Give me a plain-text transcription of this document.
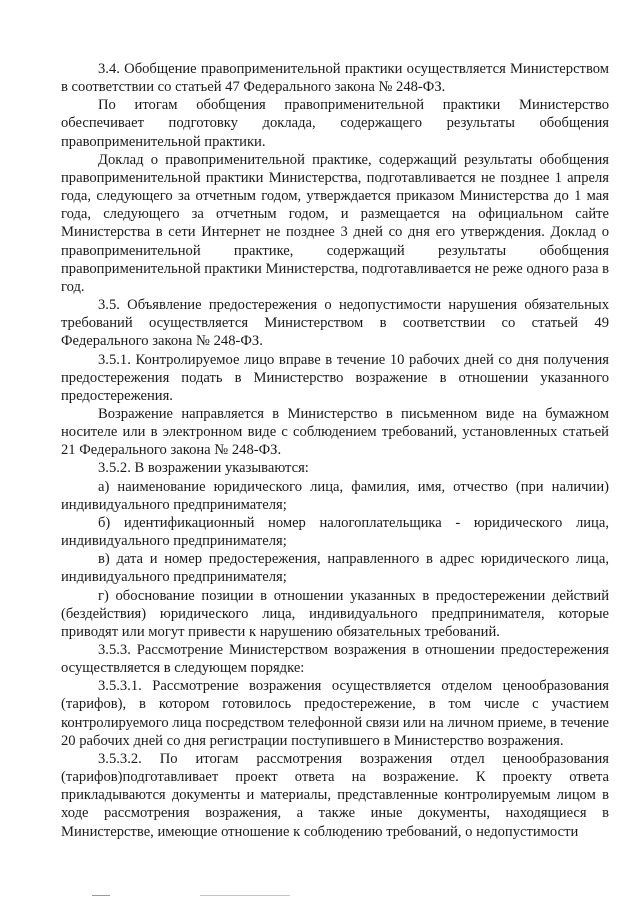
3.4. Обобщение правоприменительной практики осуществляется Министерством в соответствии со статьей 47 Федерального закона № 248-ФЗ.

По итогам обобщения правоприменительной практики Министерство обеспечивает подготовку доклада, содержащего результаты обобщения правоприменительной практики.

Доклад о правоприменительной практике, содержащий результаты обобщения правоприменительной практики Министерства, подготавливается не позднее 1 апреля года, следующего за отчетным годом, утверждается приказом Министерства до 1 мая года, следующего за отчетным годом, и размещается на официальном сайте Министерства в сети Интернет не позднее 3 дней со дня его утверждения. Доклад о правоприменительной практике, содержащий результаты обобщения правоприменительной практики Министерства, подготавливается не реже одного раза в год.

3.5. Объявление предостережения о недопустимости нарушения обязательных требований осуществляется Министерством в соответствии со статьей 49 Федерального закона № 248-ФЗ.

3.5.1. Контролируемое лицо вправе в течение 10 рабочих дней со дня получения предостережения подать в Министерство возражение в отношении указанного предостережения.

Возражение направляется в Министерство в письменном виде на бумажном носителе или в электронном виде с соблюдением требований, установленных статьей 21 Федерального закона № 248-ФЗ.

3.5.2. В возражении указываются:

а) наименование юридического лица, фамилия, имя, отчество (при наличии) индивидуального предпринимателя;

б) идентификационный номер налогоплательщика - юридического лица, индивидуального предпринимателя;

в) дата и номер предостережения, направленного в адрес юридического лица, индивидуального предпринимателя;

г) обоснование позиции в отношении указанных в предостережении действий (бездействия) юридического лица, индивидуального предпринимателя, которые приводят или могут привести к нарушению обязательных требований.

3.5.3. Рассмотрение Министерством возражения в отношении предостережения осуществляется в следующем порядке:

3.5.3.1. Рассмотрение возражения осуществляется отделом ценообразования (тарифов), в котором готовилось предостережение, в том числе с участием контролируемого лица посредством телефонной связи или на личном приеме, в течение 20 рабочих дней со дня регистрации поступившего в Министерство возражения.

3.5.3.2. По итогам рассмотрения возражения отдел ценообразования (тарифов)подготавливает проект ответа на возражение. К проекту ответа прикладываются документы и материалы, представленные контролируемым лицом в ходе рассмотрения возражения, а также иные документы, находящиеся в Министерстве, имеющие отношение к соблюдению требований, о недопустимости
